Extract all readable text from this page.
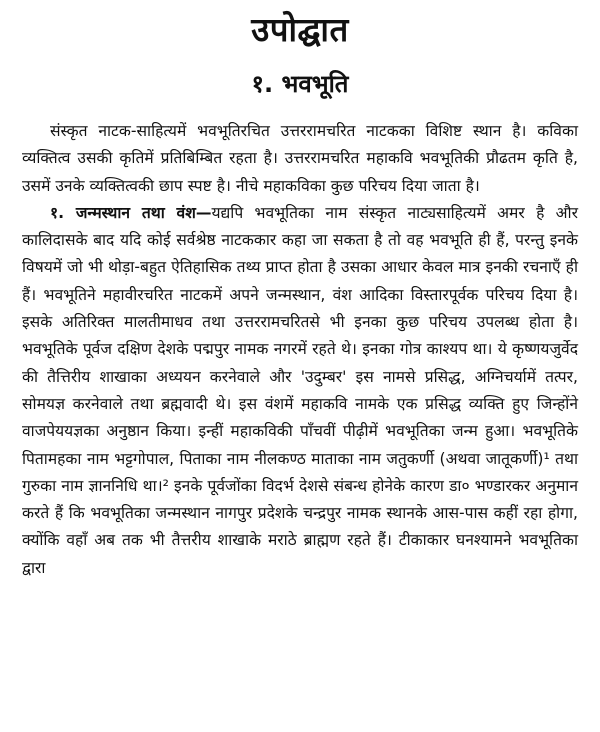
उपोद्घात
१. भवभूति

संस्कृत नाटक-साहित्यमें भवभूतिरचित उत्तररामचरित नाटकका विशिष्ट स्थान है। कविका व्यक्तित्व उसकी कृतिमें प्रतिबिम्बित रहता है। उत्तररामचरित महाकवि भवभूतिकी प्रौढतम कृति है, उसमें उनके व्यक्तित्वकी छाप स्पष्ट है। नीचे महाकविका कुछ परिचय दिया जाता है।

१. जन्मस्थान तथा वंश—यद्यपि भवभूतिका नाम संस्कृत नाट्यसाहित्यमें अमर है और कालिदासके बाद यदि कोई सर्वश्रेष्ठ नाटककार कहा जा सकता है तो वह भवभूति ही हैं, परन्तु इनके विषयमें जो भी थोड़ा-बहुत ऐतिहासिक तथ्य प्राप्त होता है उसका आधार केवल मात्र इनकी रचनाएँ ही हैं। भवभूतिने महावीरचरित नाटकमें अपने जन्मस्थान, वंश आदिका विस्तारपूर्वक परिचय दिया है। इसके अतिरिक्त मालतीमाधव तथा उत्तररामचरितसे भी इनका कुछ परिचय उपलब्ध होता है। भवभूतिके पूर्वज दक्षिण देशके पद्मपुर नामक नगरमें रहते थे। इनका गोत्र काश्यप था। ये कृष्णयजुर्वेद की तैत्तिरीय शाखाका अध्ययन करनेवाले और 'उदुम्बर' इस नामसे प्रसिद्ध, अग्निचर्यामें तत्पर, सोमयज्ञ करनेवाले तथा ब्रह्मवादी थे। इस वंशमें महाकवि नामके एक प्रसिद्ध व्यक्ति हुए जिन्होंने वाजपेययज्ञका अनुष्ठान किया। इन्हीं महाकविकी पाँचवीं पीढ़ीमें भवभूतिका जन्म हुआ। भवभूतिके पितामहका नाम भट्टगोपाल, पिताका नाम नीलकण्ठ माताका नाम जतुकर्णी (अथवा जातूकर्णी)¹ तथा गुरुका नाम ज्ञाननिधि था।² इनके पूर्वजोंका विदर्भ देशसे संबन्ध होनेके कारण डा० भण्डारकर अनुमान करते हैं कि भवभूतिका जन्मस्थान नागपुर प्रदेशके चन्द्रपुर नामक स्थानके आस-पास कहीं रहा होगा, क्योंकि वहाँ अब तक भी तैत्तरीय शाखाके मराठे ब्राह्मण रहते हैं। टीकाकार घनश्यामने भवभूतिका द्वारा
